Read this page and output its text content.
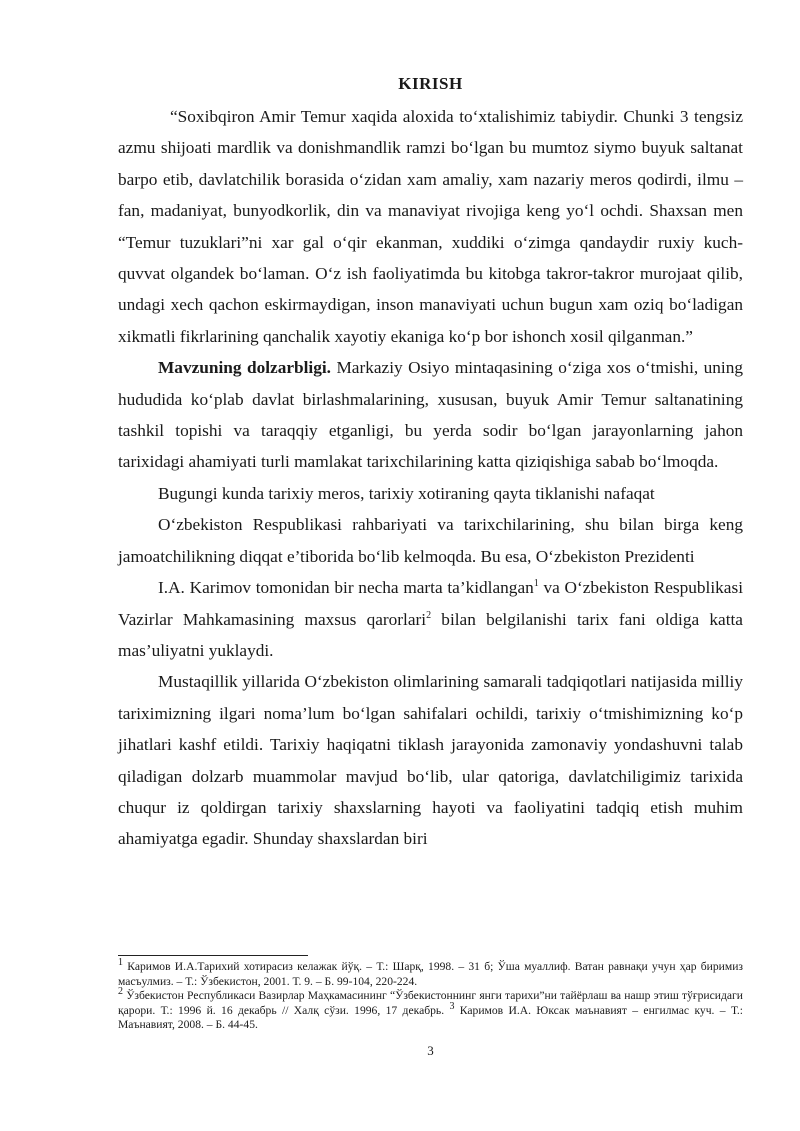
KIRISH

“Soxibqiron Amir Temur xaqida aloxida to‘xtalishimiz tabiydir. Chunki 3 tengsiz azmu shijoati mardlik va donishmandlik ramzi bo‘lgan bu mumtoz siymo buyuk saltanat barpo etib, davlatchilik borasida o‘zidan xam amaliy, xam nazariy meros qodirdi, ilmu – fan, madaniyat, bunyodkorlik, din va manaviyat rivojiga keng yo‘l ochdi. Shaxsan men “Temur tuzuklari”ni xar gal o‘qir ekanman, xuddiki o‘zimga qandaydir ruxiy kuch- quvvat olgandek bo‘laman. O‘z ish faoliyatimda bu kitobga takror-takror murojaat qilib, undagi xech qachon eskirmaydigan, inson manaviyati uchun bugun xam oziq bo‘ladigan xikmatli fikrlarining qanchalik xayotiy ekaniga ko‘p bor ishonch xosil qilganman.”

Mavzuning dolzarbligi. Markaziy Osiyo mintaqasining o‘ziga xos o‘tmishi, uning hududida ko‘plab davlat birlashmalarining, xususan, buyuk Amir Temur saltanatining tashkil topishi va taraqqiy etganligi, bu yerda sodir bo‘lgan jarayonlarning jahon tarixidagi ahamiyati turli mamlakat tarixchilarining katta qiziqishiga sabab bo‘lmoqda.

Bugungi kunda tarixiy meros, tarixiy xotiraning qayta tiklanishi nafaqat

O‘zbekiston Respublikasi rahbariyati va tarixchilarining, shu bilan birga keng jamoatchilikning diqqat e’tiborida bo‘lib kelmoqda. Bu esa, O‘zbekiston Prezidenti

I.A. Karimov tomonidan bir necha marta ta’kidlangan$^1$ va O‘zbekiston Respublikasi Vazirlar Mahkamasining maxsus qarorlari$^2$ bilan belgilanishi tarix fani oldiga katta mas’uliyatni yuklaydi.

Mustaqillik yillarida O‘zbekiston olimlarining samarali tadqiqotlari natijasida milliy tariximizning ilgari noma’lum bo‘lgan sahifalari ochildi, tarixiy o‘tmishimizning ko‘p jihatlari kashf etildi. Tarixiy haqiqatni tiklash jarayonida zamonaviy yondashuvni talab qiladigan dolzarb muammolar mavjud bo‘lib, ular qatoriga, davlatchiligimiz tarixida chuqur iz qoldirgan tarixiy shaxslarning hayoti va faoliyatini tadqiq etish muhim ahamiyatga egadir. Shunday shaxslardan biri

$^1$ Каримов И.А.Тарихий хотирасиз келажак йўқ. – Т.: Шарқ, 1998. – 31 б; Ўша муаллиф. Ватан равнақи учун ҳар биримиз масъулмиз. – Т.: Ўзбекистон, 2001. Т. 9. – Б. 99-104, 220-224.

$^2$ Ўзбекистон Республикаси Вазирлар Маҳкамасининг “Ўзбекистоннинг янги тарихи”ни тайёрлаш ва нашр этиш тўғрисидаги қарори. Т.: 1996 й. 16 декабрь // Халқ сўзи. 1996, 17 декабрь. $^3$ Каримов И.А. Юксак маънавият – енгилмас куч. – Т.: Маънавият, 2008. – Б. 44-45.

3
